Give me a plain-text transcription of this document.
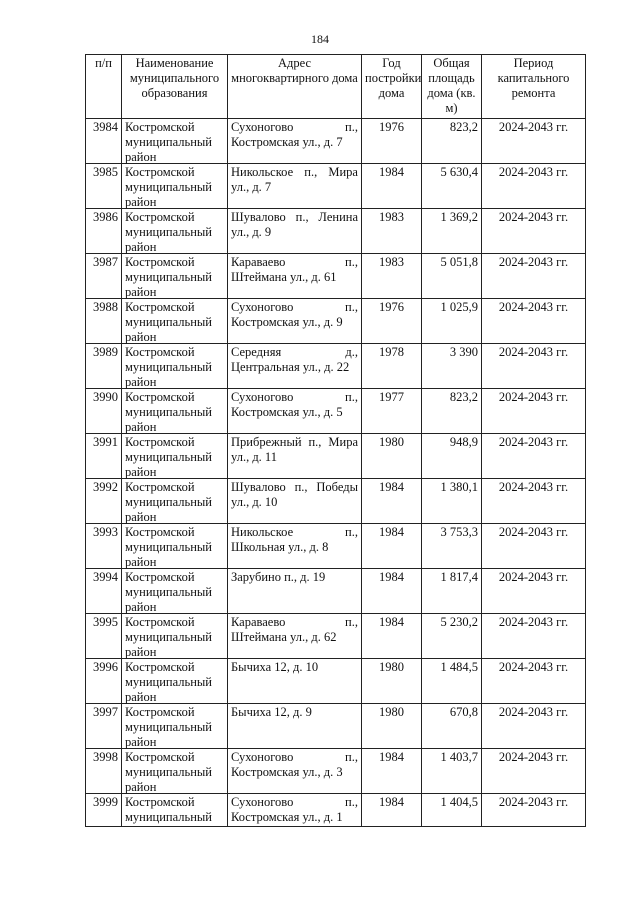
184
п/п	Наименование муниципального образования	Адрес многоквартирного дома	Год постройки дома	Общая площадь дома (кв. м)	Период капитального ремонта
3984	Костромской муниципальный район	Сухоногово п., Костромская ул., д. 7	1976	823,2	2024-2043 гг.
3985	Костромской муниципальный район	Никольское п., Мира ул., д. 7	1984	5 630,4	2024-2043 гг.
3986	Костромской муниципальный район	Шувалово п., Ленина ул., д. 9	1983	1 369,2	2024-2043 гг.
3987	Костромской муниципальный район	Караваево п., Штеймана ул., д. 61	1983	5 051,8	2024-2043 гг.
3988	Костромской муниципальный район	Сухоногово п., Костромская ул., д. 9	1976	1 025,9	2024-2043 гг.
3989	Костромской муниципальный район	Середняя д., Центральная ул., д. 22	1978	3 390	2024-2043 гг.
3990	Костромской муниципальный район	Сухоногово п., Костромская ул., д. 5	1977	823,2	2024-2043 гг.
3991	Костромской муниципальный район	Прибрежный п., Мира ул., д. 11	1980	948,9	2024-2043 гг.
3992	Костромской муниципальный район	Шувалово п., Победы ул., д. 10	1984	1 380,1	2024-2043 гг.
3993	Костромской муниципальный район	Никольское п., Школьная ул., д. 8	1984	3 753,3	2024-2043 гг.
3994	Костромской муниципальный район	Зарубино п., д. 19	1984	1 817,4	2024-2043 гг.
3995	Костромской муниципальный район	Караваево п., Штеймана ул., д. 62	1984	5 230,2	2024-2043 гг.
3996	Костромской муниципальный район	Бычиха 12, д. 10	1980	1 484,5	2024-2043 гг.
3997	Костромской муниципальный район	Бычиха 12, д. 9	1980	670,8	2024-2043 гг.
3998	Костромской муниципальный район	Сухоногово п., Костромская ул., д. 3	1984	1 403,7	2024-2043 гг.
3999	Костромской муниципальный	Сухоногово п., Костромская ул., д. 1	1984	1 404,5	2024-2043 гг.
